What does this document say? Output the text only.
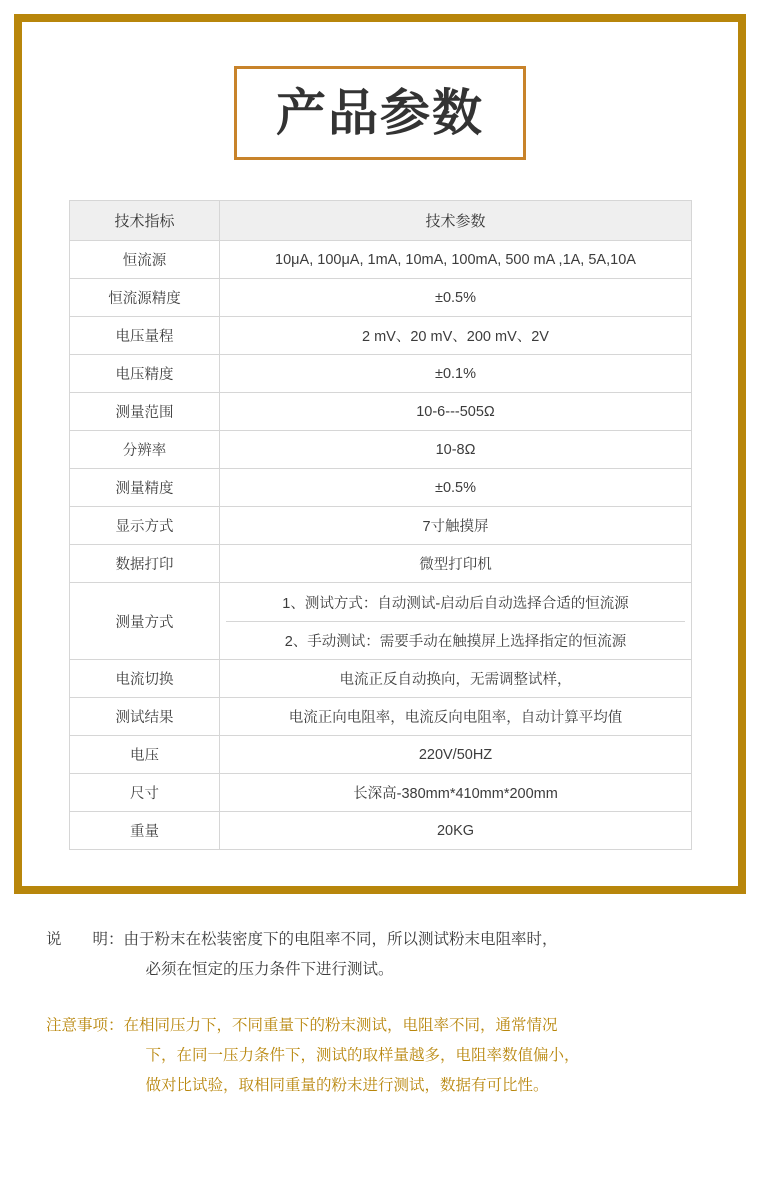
产品参数
技术指标	技术参数
恒流源	10μA, 100μA, 1mA, 10mA, 100mA, 500 mA ,1A, 5A,10A
恒流源精度	±0.5%
电压量程	2 mV、20 mV、200 mV、2V
电压精度	±0.1%
测量范围	10-6---505Ω
分辨率	10-8Ω
测量精度	±0.5%
显示方式	7寸触摸屏
数据打印	微型打印机
测量方式	1、测试方式：自动测试-启动后自动选择合适的恒流源
2、手动测试：需要手动在触摸屏上选择指定的恒流源

电流切换	电流正反自动换向，无需调整试样，
测试结果	电流正向电阻率，电流反向电阻率，自动计算平均值
电压	220V/50HZ
尺寸	长深高-380mm*410mm*200mm
重量	20KG
说　　明： 由于粉末在松装密度下的电阻率不同，所以测试粉末电阻率时，
必须在恒定的压力条件下进行测试。
注意事项： 在相同压力下，不同重量下的粉末测试，电阻率不同，通常情况
下，在同一压力条件下，测试的取样量越多，电阻率数值偏小，
做对比试验，取相同重量的粉末进行测试，数据有可比性。
